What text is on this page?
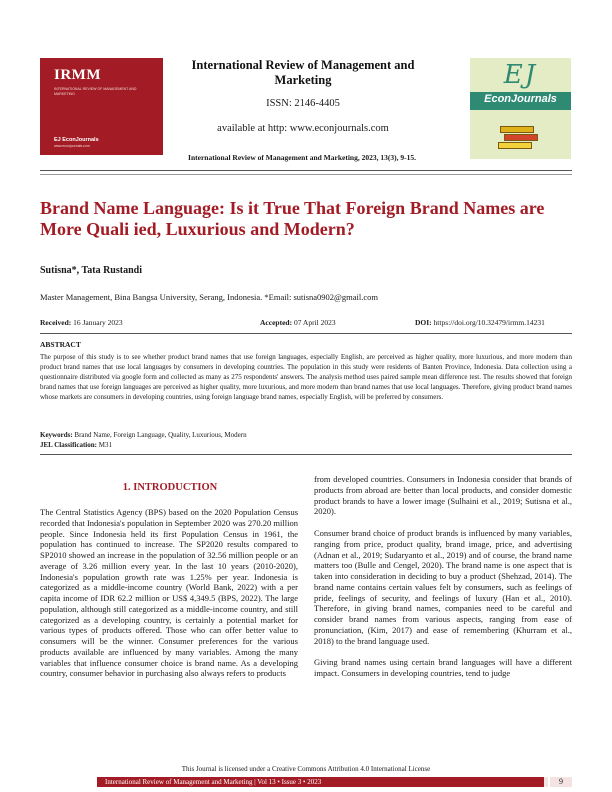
IRMM
INTERNATIONAL REVIEW OF MANAGEMENT AND MARKETING
EJ EconJournals
www.econjournals.com
International Review of Management and Marketing
ISSN: 2146-4405
available at http: www.econjournals.com
International Review of Management and Marketing, 2023, 13(3), 9-15.
EJ
EconJournals
Brand Name Language: Is it True That Foreign Brand Names are More Quali ied, Luxurious and Modern?
Sutisna*, Tata Rustandi
Master Management, Bina Bangsa University, Serang, Indonesia. *Email: sutisna0902@gmail.com
Received: 16 January 2023	Accepted: 07 April 2023	DOI: https://doi.org/10.32479/irmm.14231
ABSTRACT
The purpose of this study is to see whether product brand names that use foreign languages, especially English, are perceived as higher quality, more luxurious, and more modern than product brand names that use local languages by consumers in developing countries. The population in this study were residents of Banten Province, Indonesia. Data collection using a questionnaire distributed via google form and collected as many as 275 respondents' answers. The analysis method uses paired sample mean difference test. The results showed that foreign brand names that use foreign languages are perceived as higher quality, more luxurious, and more modern than brand names that use local languages. Therefore, giving product brand names whose markets are consumers in developing countries, using foreign language brand names, especially English, will be preferred by consumers.
Keywords: Brand Name, Foreign Language, Quality, Luxurious, Modern
JEL Classification: M31
1. INTRODUCTION

The Central Statistics Agency (BPS) based on the 2020 Population Census recorded that Indonesia's population in September 2020 was 270.20 million people. Since Indonesia held its first Population Census in 1961, the population has continued to increase. The SP2020 results compared to SP2010 showed an increase in the population of 32.56 million people or an average of 3.26 million every year. In the last 10 years (2010-2020), Indonesia's population growth rate was 1.25% per year. Indonesia is categorized as a middle-income country (World Bank, 2022) with a per capita income of IDR 62.2 million or US$ 4,349.5 (BPS, 2022). The large population, although still categorized as a middle-income country, and still categorized as a developing country, is certainly a potential market for various types of products offered. Those who can offer better value to consumers will be the winner. Consumer preferences for the various products available are influenced by many variables. Among the many variables that influence consumer choice is brand name. As a developing country, consumer behavior in purchasing also always refers to products

from developed countries. Consumers in Indonesia consider that brands of products from abroad are better than local products, and consider domestic product brands to have a lower image (Sulhaini et al., 2019; Sutisna et al., 2020).

Consumer brand choice of product brands is influenced by many variables, ranging from price, product quality, brand image, price, and advertising (Adnan et al., 2019; Sudaryanto et al., 2019) and of course, the brand name matters too (Bulle and Cengel, 2020). The brand name is one aspect that is taken into consideration in deciding to buy a product (Shehzad, 2014). The brand name contains certain values felt by consumers, such as feelings of pride, feelings of security, and feelings of luxury (Han et al., 2010). Therefore, in giving brand names, companies need to be careful and consider brand names from various aspects, ranging from ease of pronunciation, (Kim, 2017) and ease of remembering (Khurram et al., 2018) to the brand language used.

Giving brand names using certain brand languages will have a different impact. Consumers in developing countries, tend to judge

This Journal is licensed under a Creative Commons Attribution 4.0 International License
International Review of Management and Marketing | Vol 13 • Issue 3 • 2023	9
